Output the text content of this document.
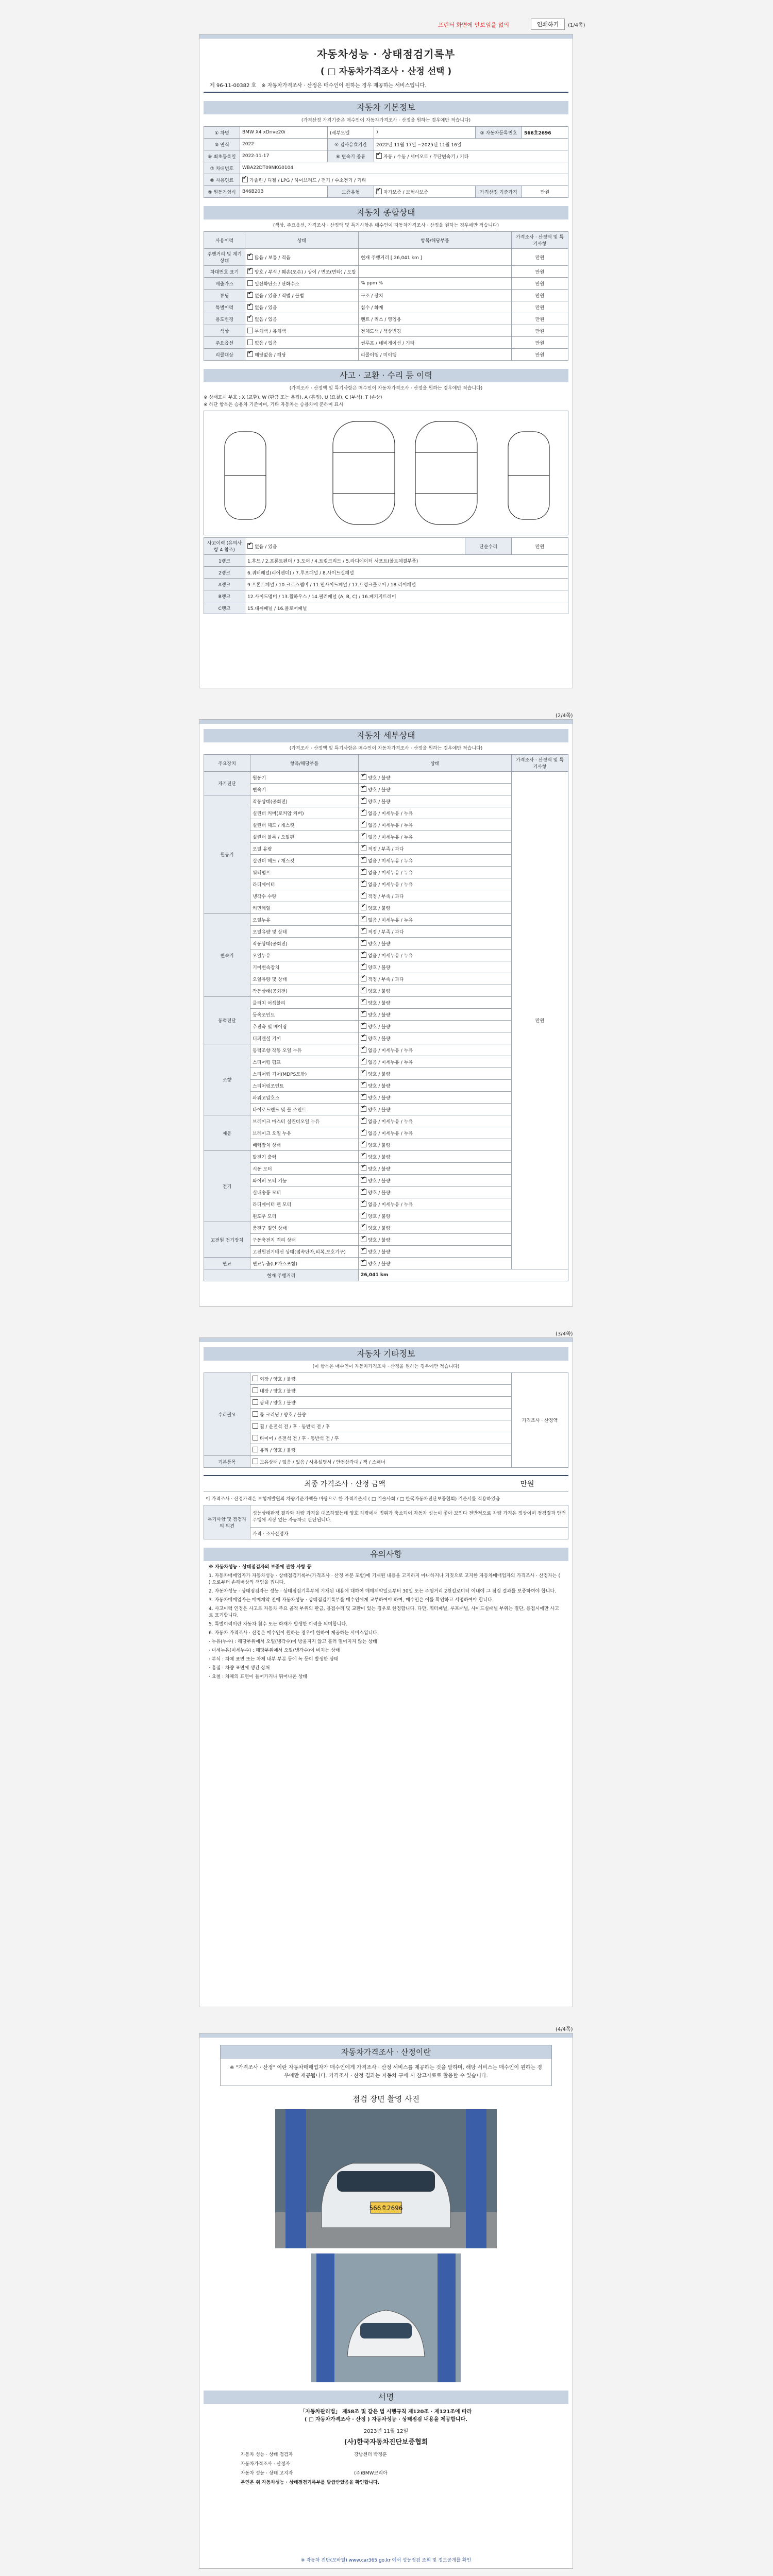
프린터 화면에 안보임을 없의	인쇄하기	(1/4쪽)
자동차성능 · 상태점검기록부
( □ 자동차가격조사 · 산정 선택 )
제 96-11-00382 호 ※ 자동차가격조사 · 산정은 매수인이 원하는 경우 제공하는 서비스입니다.
자동차 기본정보
(가격산정 가격기준은 매수인이 자동차가격조사 · 산정을 원하는 경우에만 적습니다)
① 차명	BMW X4 xDrive20i	(세부모델	)	② 자동차등록번호	566호2696
③ 연식	2022	④ 검사유효기간	2022년 11월 17일 ~2025년 11월 16일		
⑤ 최초등록일	2022-11-17	⑥ 변속기 종류	✔자동 / 수동 / 세미오토 / 무단변속기 / 기타
⑦ 차대번호	WBA22DT09NKG0104				
⑧ 사용연료	✔가솔린 / 디젤 / LPG / 하이브리드 / 전기 / 수소전기 / 기타
⑨ 원동기형식	B46B20B	보증유형	✔자가보증 / 보험사보증	가격산정 기준가격	만원
자동차 종합상태
(색상, 주요옵션, 가격조사 · 산정액 및 특기사항은 매수인이 자동차가격조사 · 산정을 원하는 경우에만 적습니다)
사용이력	상태	항목/해당부품	가격조사 · 산정액 및 특기사항
주행거리 및 계기상태	✔많음 / 보통 / 적음	현재 주행거리 [ 26,041 km ]	만원
차대번호 표기	✔양호 / 부식 / 훼손(오손) / 상이 / 변조(변타) / 도말		만원
배출가스	일산화탄소 / 탄화수소	% ppm %	만원
튜닝	✔없음 / 있음 / 적법 / 불법	구조 / 장치	만원
특별이력	✔없음 / 있음	침수 / 화재	만원
용도변경	✔없음 / 있음	렌트 / 리스 / 영업용	만원
색상	무채색 / 유채색	전체도색 / 색상변경	만원
주요옵션	없음 / 있음	썬루프 / 네비게이션 / 기타	만원
리콜대상	✔해당없음 / 해당	리콜이행 / 미이행	만원
사고 · 교환 · 수리 등 이력
(가격조사 · 산정액 및 특기사항은 매수인이 자동차가격조사 · 산정을 원하는 경우에만 적습니다)
※ 상태표시 부호 : X (교환), W (판금 또는 용접), A (흠집), U (요철), C (부식), T (손상)
※ 하단 항목은 승용차 기준이며, 기타 자동차는 승용차에 준하여 표시
사고이력 (유의사항 4 참조)	✔없음 / 있음	단순수리	만원
1랭크	1.후드 / 2.프론트펜더 / 3.도어 / 4.트렁크리드 / 5.라디에이터 서포트(볼트체결부품)		
2랭크	6.쿼터패널(리어펜더) / 7.루프패널 / 8.사이드실패널		
A랭크	9.프론트패널 / 10.크로스멤버 / 11.인사이드패널 / 17.트렁크플로어 / 18.리어패널		
B랭크	12.사이드멤버 / 13.휠하우스 / 14.필러패널 (A, B, C) / 16.패키지트레이		
C랭크	15.대쉬패널 / 16.플로어패널		
(2/4쪽)
자동차 세부상태
(가격조사 · 산정액 및 특기사항은 매수인이 자동차가격조사 · 산정을 원하는 경우에만 적습니다)
주요장치	항목/해당부품	상태	가격조사 · 산정액 및 특기사항
자기진단	원동기	✔양호 / 불량	만원
	변속기	✔양호 / 불량
원동기	작동상태(공회전)	✔양호 / 불량
	실린더 커버(로커암 커버)	✔없음 / 미세누유 / 누유
	실린더 헤드 / 개스킷	✔없음 / 미세누유 / 누유
	실린더 블록 / 오일팬	✔없음 / 미세누유 / 누유
	오일 유량	✔적정 / 부족 / 과다
	실린더 헤드 / 개스킷	✔없음 / 미세누유 / 누유
	워터펌프	✔없음 / 미세누유 / 누유
	라디에이터	✔없음 / 미세누유 / 누유
	냉각수 수량	✔적정 / 부족 / 과다
	커먼레일	✔양호 / 불량
변속기	오일누유	✔없음 / 미세누유 / 누유
	오일유량 및 상태	✔적정 / 부족 / 과다
	작동상태(공회전)	✔양호 / 불량
	오일누유	✔없음 / 미세누유 / 누유
	기어변속장치	✔양호 / 불량
	오일유량 및 상태	✔적정 / 부족 / 과다
	작동상태(공회전)	✔양호 / 불량
동력전달	클러치 어셈블리	✔양호 / 불량
	등속조인트	✔양호 / 불량
	추진축 및 베어링	✔양호 / 불량
	디퍼렌셜 기어	✔양호 / 불량
조향	동력조향 작동 오일 누유	✔없음 / 미세누유 / 누유
	스티어링 펌프	✔없음 / 미세누유 / 누유
	스티어링 기어(MDPS포함)	✔양호 / 불량
	스티어링조인트	✔양호 / 불량
	파워고압호스	✔양호 / 불량
	타이로드엔드 및 볼 조인트	✔양호 / 불량
제동	브레이크 마스터 실린더오일 누유	✔없음 / 미세누유 / 누유
	브레이크 오일 누유	✔없음 / 미세누유 / 누유
	배력장치 상태	✔양호 / 불량
전기	발전기 출력	✔양호 / 불량
	시동 모터	✔양호 / 불량
	와이퍼 모터 기능	✔양호 / 불량
	실내송풍 모터	✔양호 / 불량
	라디에이터 팬 모터	✔없음 / 미세누유 / 누유
	윈도우 모터	✔양호 / 불량
고전원 전기장치	충전구 절연 상태	✔양호 / 불량
	구동축전지 격리 상태	✔양호 / 불량
	고전원전기배선 상태(접속단자,피복,보호기구)	✔양호 / 불량
연료	연료누출(LP가스포함)	✔양호 / 불량
현재 주행거리		26,041 km	
(3/4쪽)
자동차 기타정보
(이 항목은 매수인이 자동차가격조사 · 산정을 원하는 경우에만 적습니다)
수리필요	외장 / 양호 / 불량	가격조사 · 산정액
	내장 / 양호 / 불량	
	광택 / 양호 / 불량	
	룸 크리닝 / 양호 / 불량	
	휠 / 운전석 전 / 후 · 동반석 전 / 후	
	타이어 / 운전석 전 / 후 · 동반석 전 / 후	
	유리 / 양호 / 불량	
기본품목	보유상태 / 없음 / 있음 / 사용설명서 / 안전삼각대 / 잭 / 스패너	
최종 가격조사 · 산정 금액	만원
이 가격조사 · 산정가격은 보험개발원의 차량기준가액을 바탕으로 한 가격기준서 ( □ 기술사회 / □ 한국자동차진단보증협회) 기준서를 적용하였음
특기사항 및 점검자의 의견	성능상태판정 결과와 차량 가격을 대조하였는데 양호 차량에서 범위가 축소되어 자동차 성능이 좋아 보인다 전반적으로 차량 가격은 정상이며 점검결과 안전 주행에 지장 없는 자동차로 판단됩니다.
가격 · 조사산정자
유의사항

※ 자동차성능 · 상태점검자의 보증에 관한 사항 등

1. 자동차매매업자가 자동차성능 · 상태점검기록부(가격조사 · 산정 부분 포함)에 기재된 내용을 고지하지 아니하거나 거짓으로 고지한 자동차매매업자의 가격조사 · 산정자는 ( ) 으로부터 손해배상의 책임을 집니다.

2. 자동차성능 · 상태점검자는 성능 · 상태점검기록부에 기재된 내용에 대하여 매매계약일로부터 30일 또는 주행거리 2천킬로미터 이내에 그 점검 결과를 보증하여야 합니다.

3. 자동차매매업자는 매매계약 전에 자동차성능 · 상태점검기록부를 매수인에게 교부하여야 하며, 매수인은 이를 확인하고 서명하여야 합니다.

4. 사고이력 인정은 사고로 자동차 주요 골격 부위의 판금, 용접수리 및 교환이 있는 경우로 한정합니다. 다만, 쿼터패널, 루프패널, 사이드실패널 부위는 절단, 용접시에만 사고로 표기합니다.

5. 특별이력이란 자동차 침수 또는 화재가 발생한 이력을 의미합니다.

6. 자동차 가격조사 · 산정은 매수인이 원하는 경우에 한하여 제공하는 서비스입니다.

· 누유(누수) : 해당부위에서 오일(냉각수)이 방울지지 않고 흘러 떨어지지 않는 상태

· 미세누유(미세누수) : 해당부위에서 오일(냉각수)이 비치는 상태

· 부식 : 차체 표면 또는 차체 내부 부분 등에 녹 등이 발생한 상태

· 흠집 : 차량 표면에 생긴 상처

· 요철 : 차체의 표면이 들어가거나 튀어나온 상태

(4/4쪽)
자동차가격조사 · 산정이란
※ "가격조사 · 산정" 이란 자동차매매업자가 매수인에게 가격조사 · 산정 서비스를 제공하는 것을 말하며, 해당 서비스는 매수인이 원하는 경우에만 제공됩니다. 가격조사 · 산정 결과는 자동차 구매 시 참고자료로 활용할 수 있습니다.
점검 장면 촬영 사진
566호2696
서명
「자동차관리법」 제58조 및 같은 법 시행규칙 제120조 · 제121조에 따라
( □ 자동차가격조사 · 산정 ) 자동차성능 · 상태점검 내용을 제공합니다.
2023년 11월 12일
(사)한국자동차진단보증협회
자동차 성능 · 상태 점검자	강남센터 박정훈
자동차가격조사 · 산정자
자동차 성능 · 상태 고지자	(주)BMW코리아
본인은 위 자동차성능 · 상태점검기록부를 발급받았음을 확인합니다.
※ 자동차 진단(모바일) www.car365.go.kr 에서 성능점검 조회 및 정보공개를 확인
